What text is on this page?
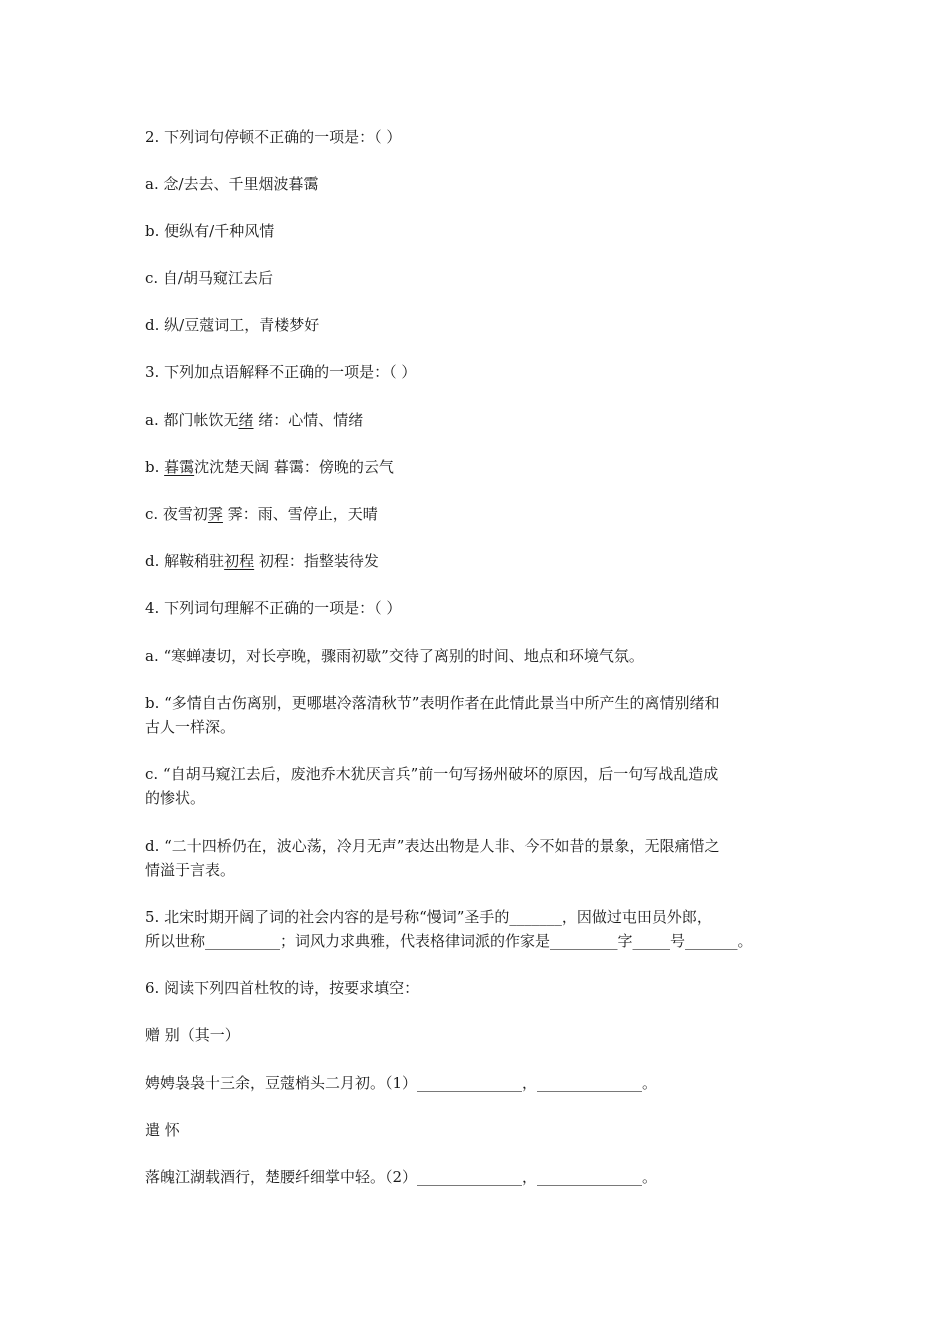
2. 下列词句停顿不正确的一项是：（ ）
a. 念/去去、千里烟波暮霭
b. 便纵有/千种风情
c. 自/胡马窥江去后
d. 纵/豆蔻词工，青楼梦好
3. 下列加点语解释不正确的一项是：（ ）
a. 都门帐饮无绪 绪：心情、情绪
b. 暮霭沈沈楚天阔 暮霭：傍晚的云气
c. 夜雪初霁 霁：雨、雪停止，天晴
d. 解鞍稍驻初程 初程：指整装待发
4. 下列词句理解不正确的一项是：（ ）
a. “寒蝉凄切，对长亭晚，骤雨初歇”交待了离别的时间、地点和环境气氛。
b. “多情自古伤离别，更哪堪冷落清秋节”表明作者在此情此景当中所产生的离情别绪和
古人一样深。
c. “自胡马窥江去后，废池乔木犹厌言兵”前一句写扬州破坏的原因，后一句写战乱造成
的惨状。
d. “二十四桥仍在，波心荡，冷月无声”表达出物是人非、今不如昔的景象，无限痛惜之
情溢于言表。
5. 北宋时期开阔了词的社会内容的是号称“慢词”圣手的_______，因做过屯田员外郎，
所以世称__________；词风力求典雅，代表格律词派的作家是_________字_____号_______。
6. 阅读下列四首杜牧的诗，按要求填空：
赠 别（其一）
娉娉袅袅十三余，豆蔻梢头二月初。（1）______________，______________。
遣 怀
落魄江湖载酒行，楚腰纤细掌中轻。（2）______________，______________。
